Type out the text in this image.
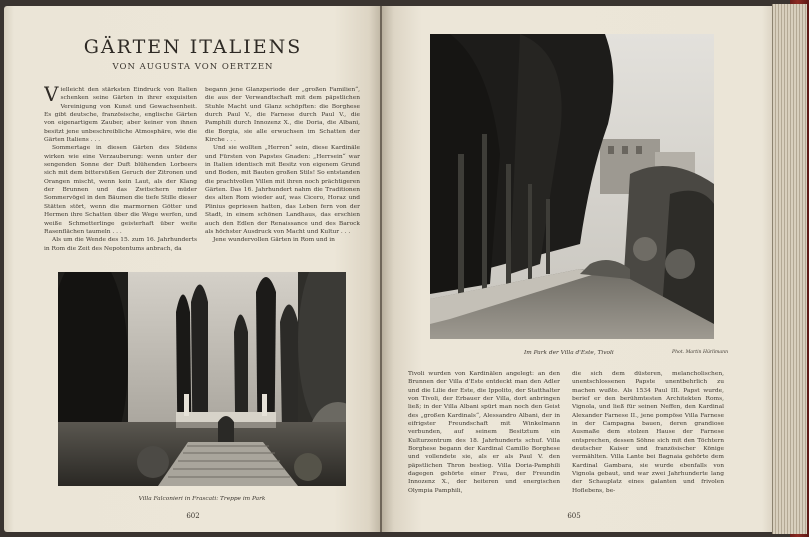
GÄRTEN ITALIENS
VON AUGUSTA VON OERTZEN

Vielleicht den stärksten Eindruck von Italien schenken seine Gärten in ihrer exquisiten Vereinigung von Kunst und Gewachsenheit. Es gibt deutsche, französische, englische Gärten von eigenartigem Zauber, aber keiner von ihnen besitzt jene unbeschreibliche Atmosphäre, wie die Gärten Italiens . . .

Sommertage in diesen Gärten des Südens wirken wie eine Verzauberung: wenn unter der sengenden Sonne der Duft blühenden Lorbeers sich mit dem bittersüßen Geruch der Zitronen und Orangen mischt, wenn kein Laut, als der Klang der Brunnen und das Zwitschern müder Sommervögel in den Bäumen die tiefe Stille dieser Stätten stört, wenn die marmornen Götter und Hermen ihre Schatten über die Wege werfen, und weiße Schmetterlinge geisterhaft über weite Rasenflächen taumeln . . .

Als um die Wende des 15. zum 16. Jahrhunderts in Rom die Zeit des Nepotentums anbrach, da

begann jene Glanzperiode der „großen Familien“, die aus der Verwandtschaft mit dem päpstlichen Stuhle Macht und Glanz schöpften: die Borghese durch Paul V., die Farnese durch Paul V., die Pamphili durch Innozenz X., die Doria, die Albani, die Borgia, sie alle erwuchsen im Schatten der Kirche . . .

Und sie wollten „Herren“ sein, diese Kardinäle und Fürsten von Papstes Gnaden: „Herrsein“ war in Italien identisch mit Besitz von eigenem Grund und Boden, mit Bauten großen Stils! So entstanden die prachtvollen Villen mit ihren noch prächtigeren Gärten. Das 16. Jahrhundert nahm die Traditionen des alten Rom wieder auf, was Cicero, Horaz und Plinius gepriesen hatten, das Leben fern von der Stadt, in einem schönen Landhaus, das erschien auch den Edlen der Renaissance und des Barock als höchster Ausdruck von Macht und Kultur . . .

Jene wundervollen Gärten in Rom und in

Villa Falconieri in Frascati: Treppe im Park
602
Im Park der Villa d'Este, Tivoli	Phot. Martin Hürlimann

Tivoli wurden von Kardinälen angelegt: an den Brunnen der Villa d'Este entdeckt man den Adler und die Lilie der Este, die Ippolito, der Statthalter von Tivoli, der Erbauer der Villa, dort anbringen ließ; in der Villa Albani spürt man noch den Geist des „großen Kardinals“, Alessandro Albani, der in eifrigster Freundschaft mit Winkelmann verbunden, auf seinem Besitztum ein Kulturzentrum des 18. Jahrhunderts schuf. Villa Borghese begann der Kardinal Camillo Borghese und vollendete sie, als er als Paul V. den päpstlichen Thron bestieg. Villa Doria-Pamphili dagegen gehörte einer Frau, der Freundin Innozenz X., der heiteren und energischen Olympia Pamphili,

die sich dem düsteren, melancholischen, unentschlossenen Papste unentbehrlich zu machen wußte. Als 1534 Paul III. Papst wurde, berief er den berühmtesten Architekten Roms, Vignola, und ließ für seinen Neffen, den Kardinal Alexander Farnese II., jene pompöse Villa Farnese in der Campagna bauen, deren grandiose Ausmaße dem stolzen Hause der Farnese entsprechen, dessen Söhne sich mit den Töchtern deutscher Kaiser und französischer Könige vermählten. Villa Lante bei Bagnaia gehörte dem Kardinal Gambara, sie wurde ebenfalls von Vignola gebaut, und war zwei Jahrhunderte lang der Schauplatz eines galanten und frivolen Hoflebens, be-

605
